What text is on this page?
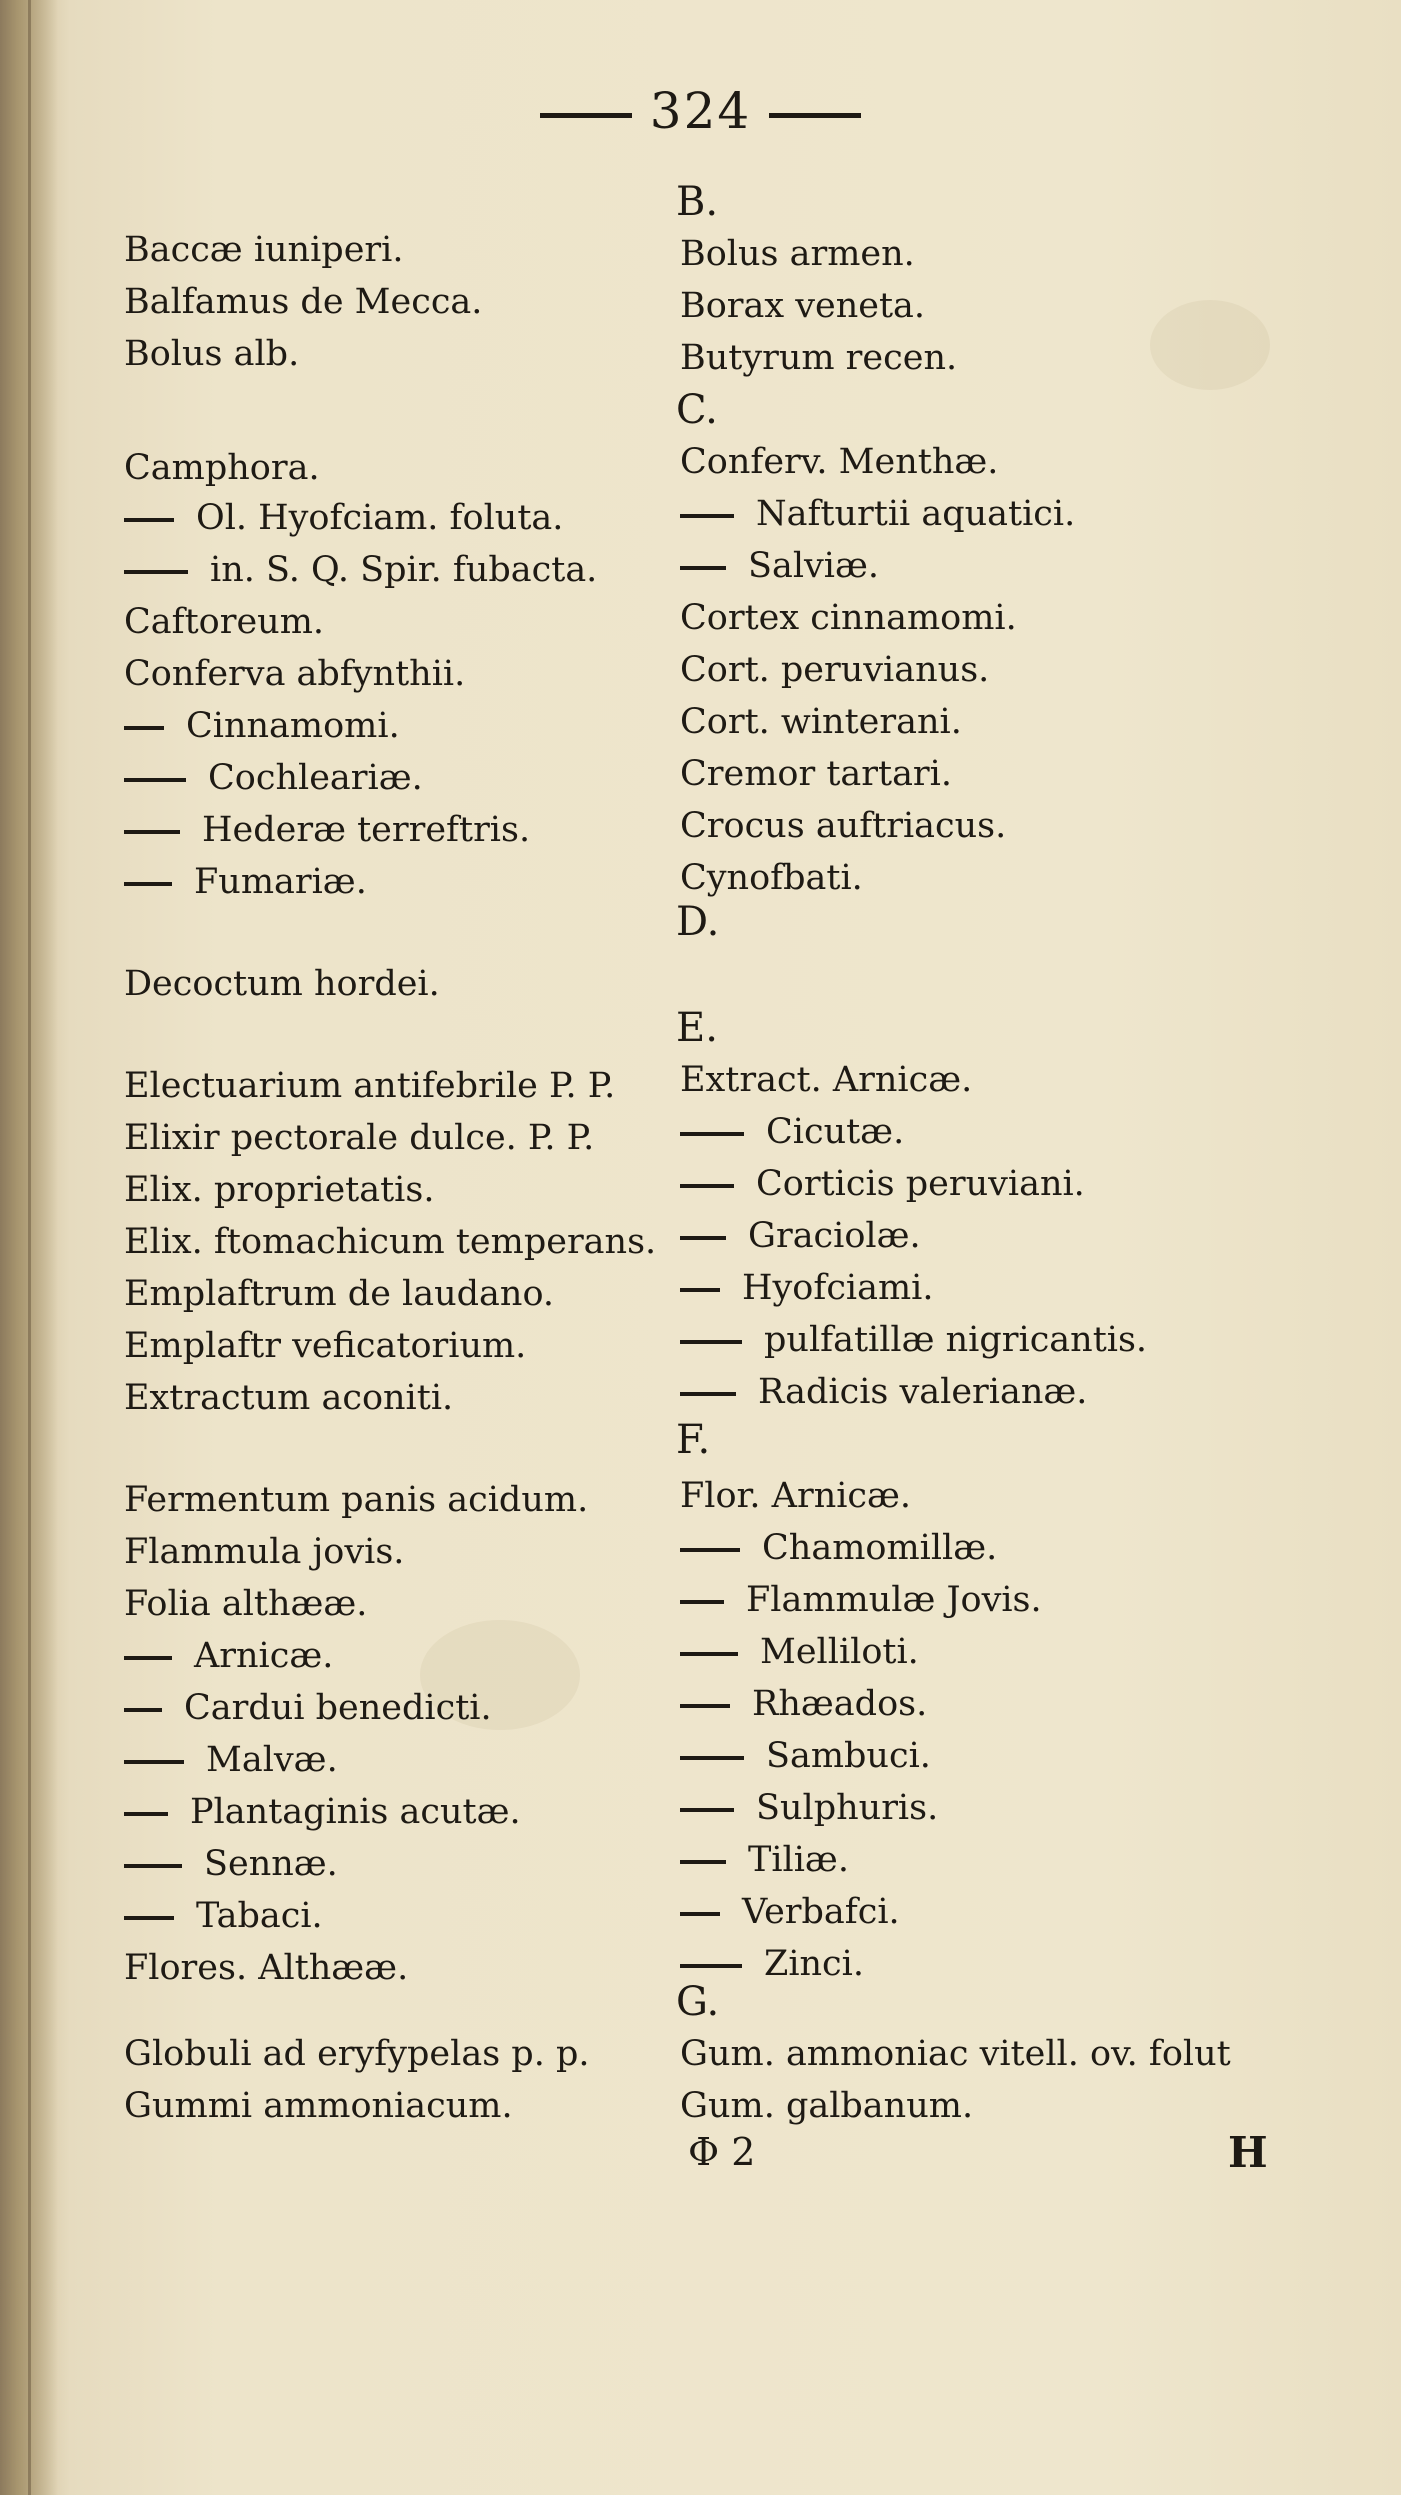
324
Baccæ iuniperi.
Balfamus de Mecca.
Bolus alb.
Camphora.
Ol. Hyofciam. foluta.
in. S. Q. Spir. fubacta.
Caftoreum.
Conferva abfynthii.
Cinnamomi.
Cochleariæ.
Hederæ terreftris.
Fumariæ.
Decoctum hordei.
Electuarium antifebrile P. P.
Elixir pectorale dulce. P. P.
Elix. proprietatis.
Elix. ftomachicum temperans.
Emplaftrum de laudano.
Emplaftr veficatorium.
Extractum aconiti.
Fermentum panis acidum.
Flammula jovis.
Folia althææ.
Arnicæ.
Cardui benedicti.
Malvæ.
Plantaginis acutæ.
Sennæ.
Tabaci.
Flores. Althææ.
Globuli ad eryfypelas p. p.
Gummi ammoniacum.
B.
Bolus armen.
Borax veneta.
Butyrum recen.
C.
Conferv. Menthæ.
Nafturtii aquatici.
Salviæ.
Cortex cinnamomi.
Cort. peruvianus.
Cort. winterani.
Cremor tartari.
Crocus auftriacus.
Cynofbati.
D.
E.
Extract. Arnicæ.
Cicutæ.
Corticis peruviani.
Graciolæ.
Hyofciami.
pulfatillæ nigricantis.
Radicis valerianæ.
F.
Flor. Arnicæ.
Chamomillæ.
Flammulæ Jovis.
Melliloti.
Rhæados.
Sambuci.
Sulphuris.
Tiliæ.
Verbafci.
Zinci.
G.
Gum. ammoniac vitell. ov. folut
Gum. galbanum.
Φ 2	H
